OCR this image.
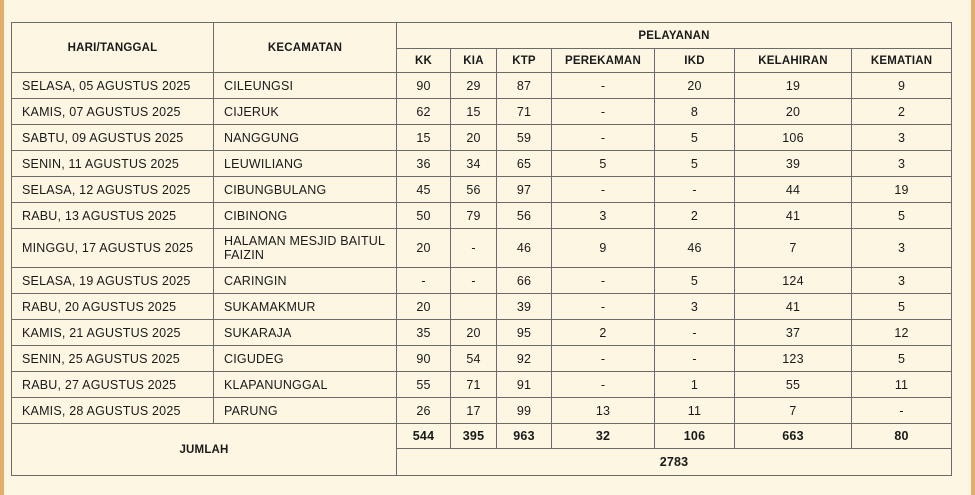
HARI/TANGGAL	KECAMATAN	PELAYANAN						
		KK	KIA	KTP	PEREKAMAN	IKD	KELAHIRAN	KEMATIAN
SELASA, 05 AGUSTUS 2025	CILEUNGSI	90	29	87	-	20	19	9
KAMIS, 07 AGUSTUS 2025	CIJERUK	62	15	71	-	8	20	2
SABTU, 09 AGUSTUS 2025	NANGGUNG	15	20	59	-	5	106	3
SENIN, 11 AGUSTUS 2025	LEUWILIANG	36	34	65	5	5	39	3
SELASA, 12 AGUSTUS 2025	CIBUNGBULANG	45	56	97	-	-	44	19
RABU, 13 AGUSTUS 2025	CIBINONG	50	79	56	3	2	41	5
MINGGU, 17 AGUSTUS 2025	HALAMAN MESJID BAITUL FAIZIN	20	-	46	9	46	7	3
SELASA, 19 AGUSTUS 2025	CARINGIN	-	-	66	-	5	124	3
RABU, 20 AGUSTUS 2025	SUKAMAKMUR	20		39	-	3	41	5
KAMIS, 21 AGUSTUS 2025	SUKARAJA	35	20	95	2	-	37	12
SENIN, 25 AGUSTUS 2025	CIGUDEG	90	54	92	-	-	123	5
RABU, 27 AGUSTUS 2025	KLAPANUNGGAL	55	71	91	-	1	55	11
KAMIS, 28 AGUSTUS 2025	PARUNG	26	17	99	13	11	7	-
JUMLAH		544	395	963	32	106	663	80
		2783						
